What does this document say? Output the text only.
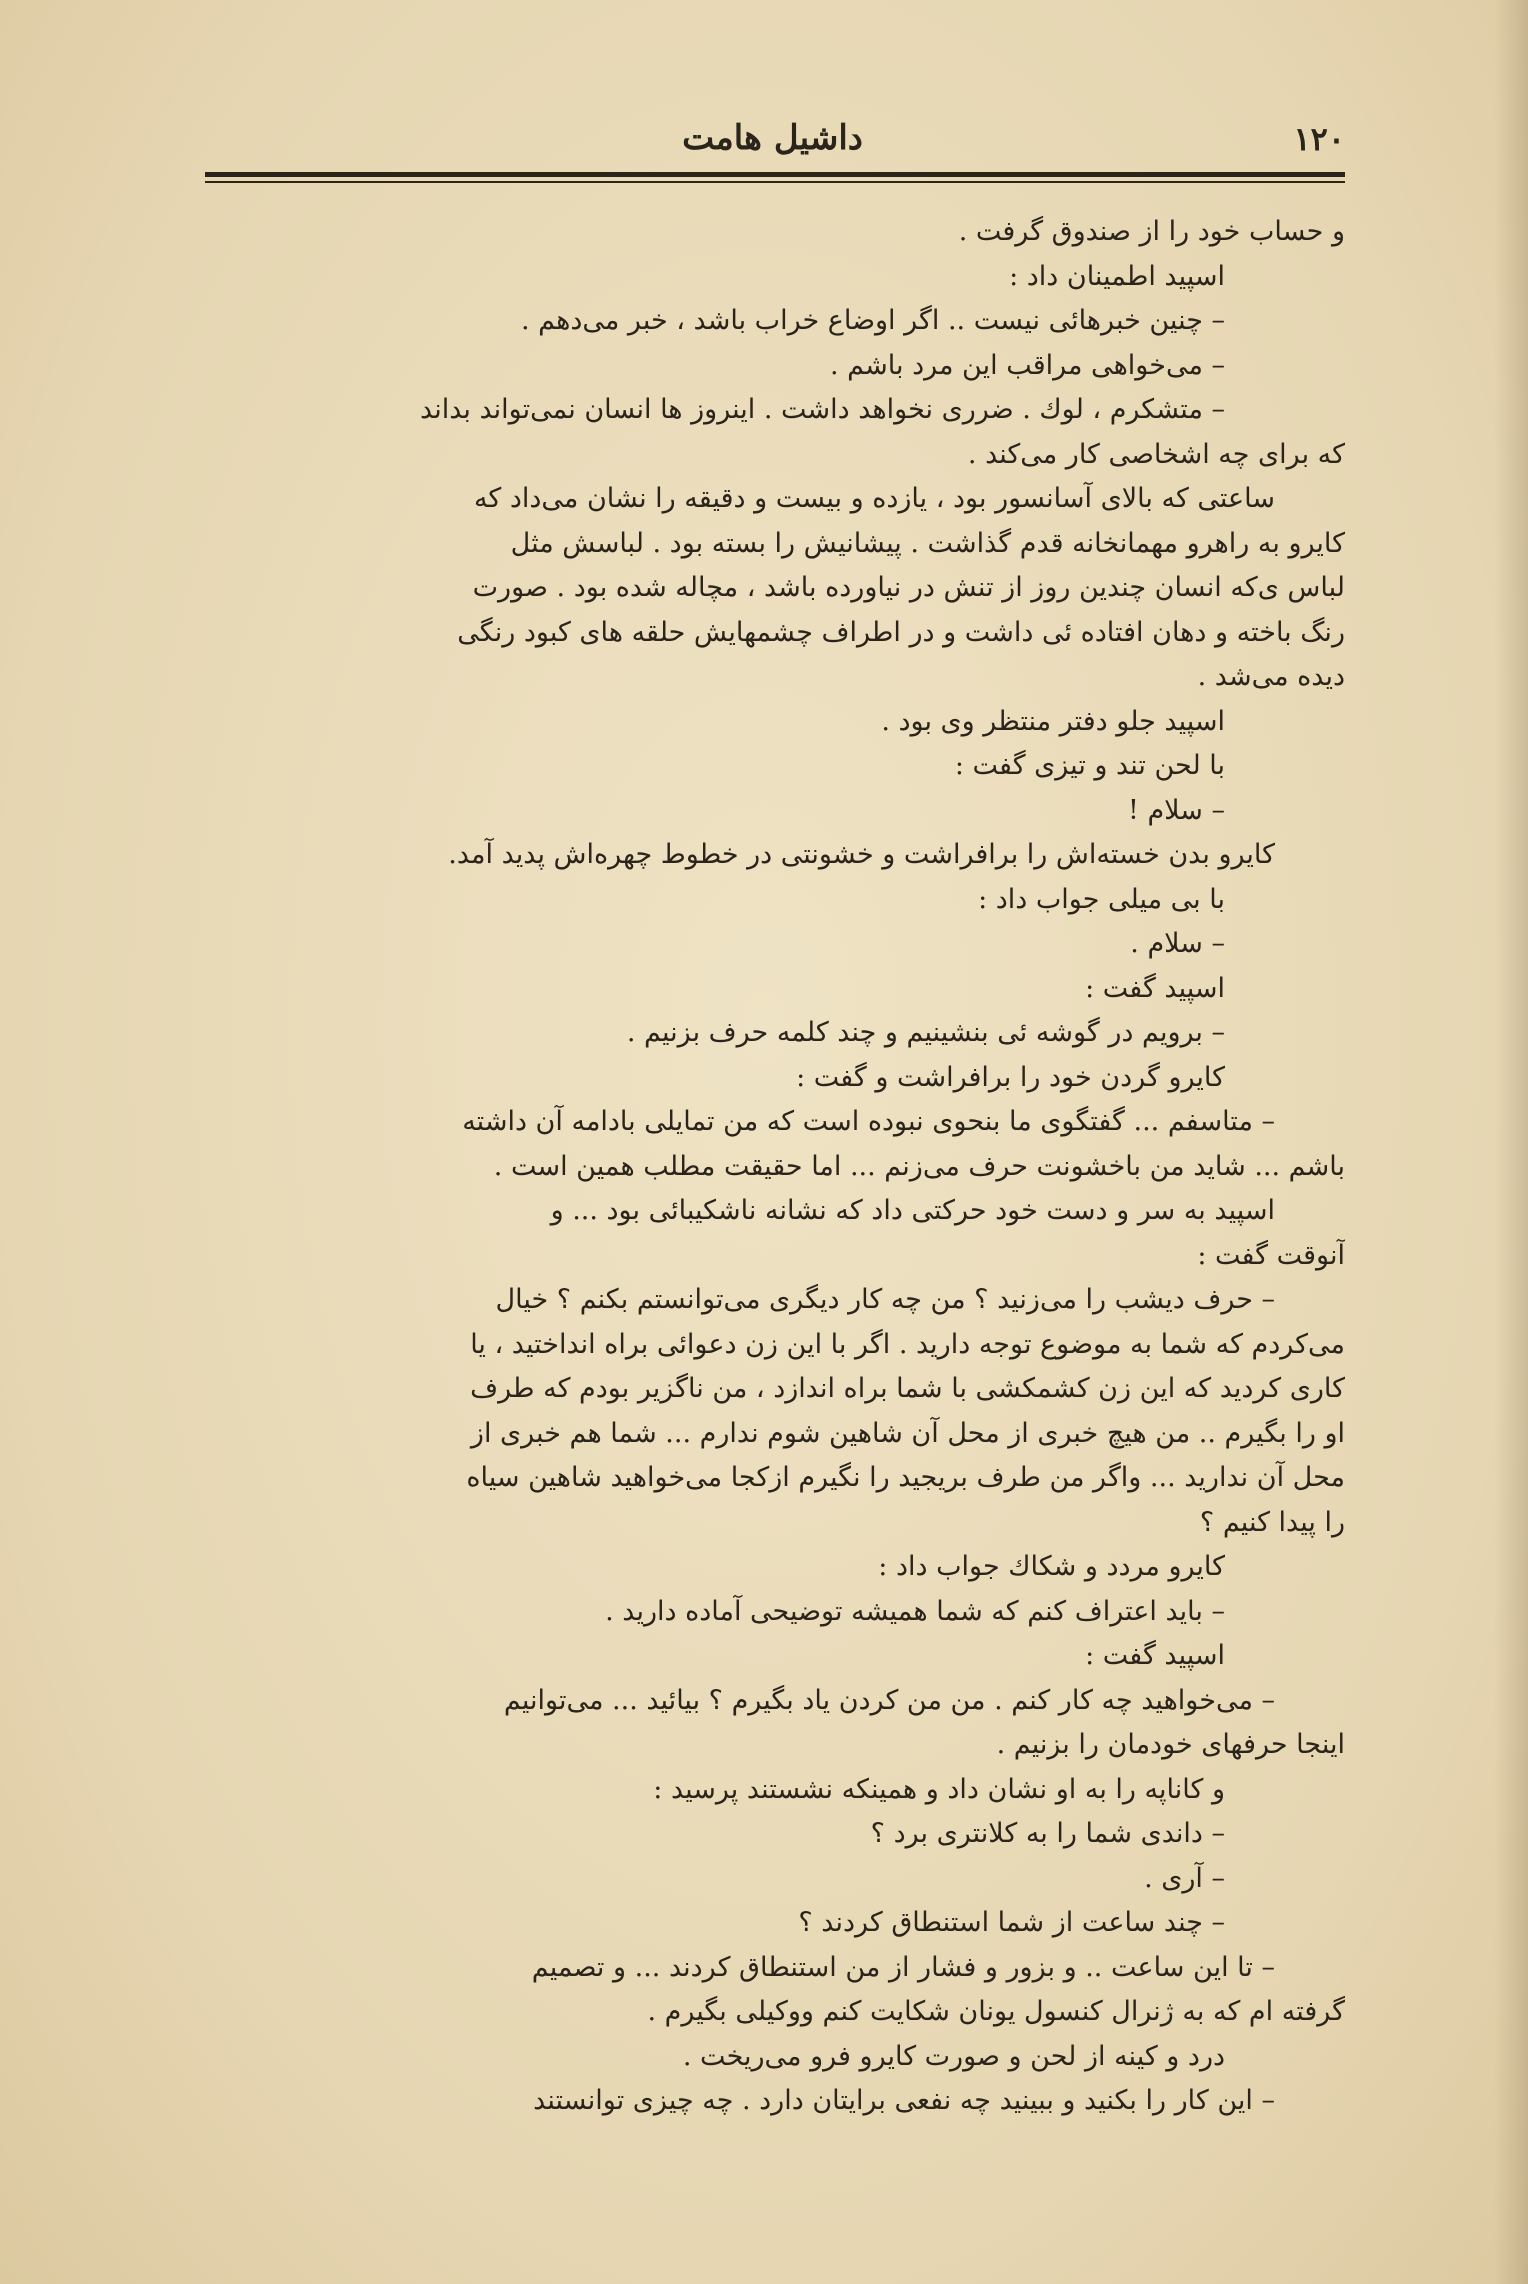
۱۲۰
داشیل هامت
و حساب خود را از صندوق گرفت .
اسپید اطمینان داد :
– چنین خبرهائی نیست .. اگر اوضاع خراب باشد ، خبر می‌دهم .
– می‌خواهی مراقب این مرد باشم .
– متشکرم ، لوك . ضرری نخواهد داشت . اینروز ها انسان نمی‌تواند بداند
که برای چه اشخاصی کار می‌کند .
ساعتی که بالای آسانسور بود ، یازده و بیست و دقیقه را نشان می‌داد که
کایرو به راهرو مهمانخانه قدم گذاشت . پیشانیش را بسته بود . لباسش مثل
لباس ی‌که انسان چندین روز از تنش در نیاورده باشد ، مچاله شده بود . صورت
رنگ باخته و دهان افتاده ئی داشت و در اطراف چشمهایش حلقه های کبود رنگی
دیده می‌شد .
اسپید جلو دفتر منتظر وی بود .
با لحن تند و تیزی گفت :
– سلام !
کایرو بدن خسته‌اش را برافراشت و خشونتی در خطوط چهره‌اش پدید آمد.
با بی میلی جواب داد :
– سلام .
اسپید گفت :
– برویم در گوشه ئی بنشینیم و چند کلمه حرف بزنیم .
کایرو گردن خود را برافراشت و گفت :
– متاسفم ... گفتگوی ما بنحوی نبوده است که من تمایلی بادامه آن داشته
باشم ... شاید من باخشونت حرف می‌زنم ... اما حقیقت مطلب همین است .
اسپید به سر و دست خود حرکتی داد که نشانه ناشکیبائی بود ... و
آنوقت گفت :
– حرف دیشب را می‌زنید ؟ من چه کار دیگری می‌توانستم بکنم ؟ خیال
می‌کردم که شما به موضوع توجه دارید . اگر با این زن دعوائی براه انداختید ، یا
کاری کردید که این زن کشمکشی با شما براه اندازد ، من ناگزیر بودم که طرف
او را بگیرم .. من هیچ خبری از محل آن شاهین شوم ندارم ... شما هم خبری از
محل آن ندارید ... واگر من طرف بریجید را نگیرم ازکجا می‌خواهید شاهین سیاه
را پیدا کنیم ؟
کایرو مردد و شکاك جواب داد :
– باید اعتراف کنم که شما همیشه توضیحی آماده دارید .
اسپید گفت :
– می‌خواهید چه کار کنم . من من کردن یاد بگیرم ؟ بیائید ... می‌توانیم
اینجا حرفهای خودمان را بزنیم .
و کاناپه را به او نشان داد و همینکه نشستند پرسید :
– داندی شما را به کلانتری برد ؟
– آری .
– چند ساعت از شما استنطاق کردند ؟
– تا این ساعت .. و بزور و فشار از من استنطاق کردند ... و تصمیم
گرفته ام که به ژنرال کنسول یونان شکایت کنم ووکیلی بگیرم .
درد و کینه از لحن و صورت کایرو فرو می‌ریخت .
– این کار را بکنید و ببینید چه نفعی برایتان دارد . چه چیزی توانستند
